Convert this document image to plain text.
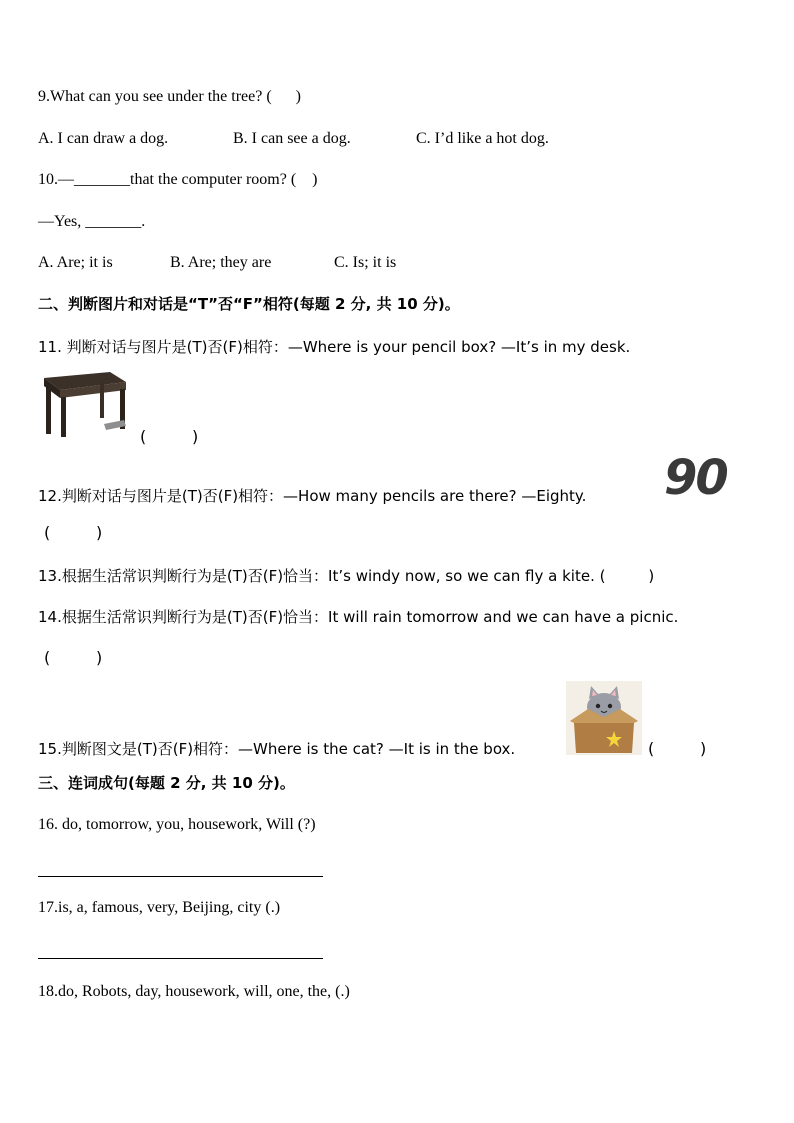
9.What can you see under the tree? (      )
A. I can draw a dog.	B. I can see a dog.	C. I’d like a hot dog.
10.—_______that the computer room? (    )
—Yes, _______.
A. Are; it is	B. Are; they are	C. Is; it is
二、判断图片和对话是“T”否“F”相符(每题 2 分, 共 10 分)。
11. 判断对话与图片是(T)否(F)相符：—Where is your pencil box? —It’s in my desk.
(         )
12.判断对话与图片是(T)否(F)相符：—How many pencils are there? —Eighty. 90
(         )
13.根据生活常识判断行为是(T)否(F)恰当：It’s windy now, so we can fly a kite. (         )
14.根据生活常识判断行为是(T)否(F)恰当：It will rain tomorrow and we can have a picnic.
(         )
15.判断图文是(T)否(F)相符：—Where is the cat? —It is in the box.	(         )
三、连词成句(每题 2 分, 共 10 分)。
16. do, tomorrow, you, housework, Will (?)
17.is, a, famous, very, Beijing, city (.)
18.do, Robots, day, housework, will, one, the, (.)
